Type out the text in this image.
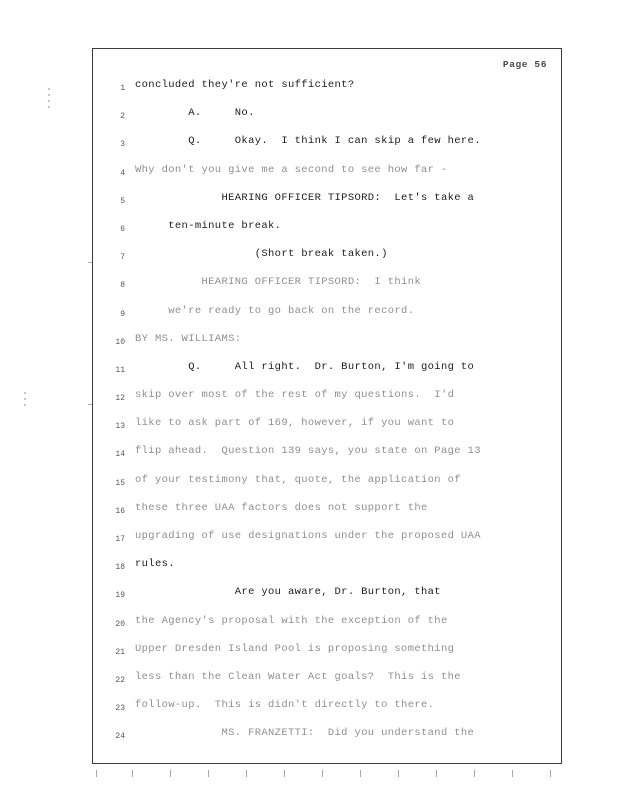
Page 56
1 concluded they're not sufficient?
2 A.     No.
3 Q.     Okay.  I think I can skip a few here.
4 Why don't you give me a second to see how far -
5 HEARING OFFICER TIPSORD:  Let's take a
6 ten-minute break.
7 (Short break taken.)
8 HEARING OFFICER TIPSORD:  I think
9 we're ready to go back on the record.
10 BY MS. WILLIAMS:
11 Q.     All right.  Dr. Burton, I'm going to
12 skip over most of the rest of my questions.  I'd
13 like to ask part of 169, however, if you want to
14 flip ahead.  Question 139 says, you state on Page 13
15 of your testimony that, quote, the application of
16 these three UAA factors does not support the
17 upgrading of use designations under the proposed UAA
18 rules.
19 Are you aware, Dr. Burton, that
20 the Agency's proposal with the exception of the
21 Upper Dresden Island Pool is proposing something
22 less than the Clean Water Act goals?  This is the
23 follow-up.  This is didn't directly to there.
24 MS. FRANZETTI:  Did you understand the
